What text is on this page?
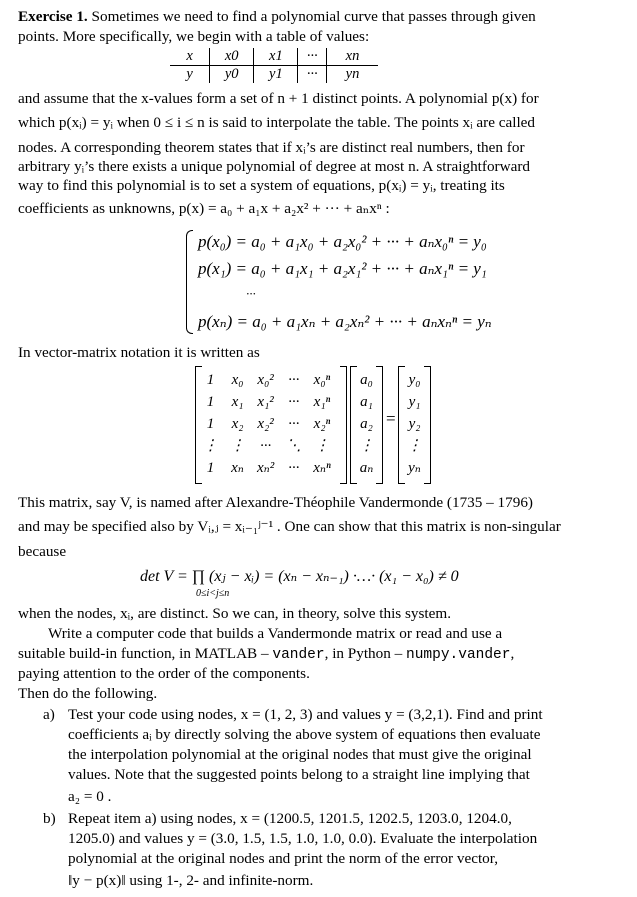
Exercise 1. Sometimes we need to find a polynomial curve that passes through given
points. More specifically, we begin with a table of values:
x	x0	x1	···	xn
y	y0	y1	···	yn
and assume that the x-values form a set of n + 1 distinct points. A polynomial p(x) for
which p(xᵢ) = yᵢ when 0 ≤ i ≤ n is said to interpolate the table. The points xᵢ are called
nodes. A corresponding theorem states that if xᵢ’s are distinct real numbers, then for
arbitrary yᵢ’s there exists a unique polynomial of degree at most n. A straightforward
way to find this polynomial is to set a system of equations, p(xᵢ) = yᵢ, treating its
coefficients as unknowns, p(x) = a₀ + a₁x + a₂x² + ··· + aₙxⁿ :
p(x₀) = a₀ + a₁x₀ + a₂x₀² + ··· + aₙx₀ⁿ = y₀
p(x₁) = a₀ + a₁x₁ + a₂x₁² + ··· + aₙx₁ⁿ = y₁
···
p(xₙ) = a₀ + a₁xₙ + a₂xₙ² + ··· + aₙxₙⁿ = yₙ
In vector-matrix notation it is written as
1	x₀	x₀²	···	x₀ⁿ
1	x₁	x₁²	···	x₁ⁿ
1	x₂	x₂²	···	x₂ⁿ
⋮	⋮	···	⋱	⋮
1	xₙ	xₙ²	···	xₙⁿ
a₀
a₁
a₂
⋮
aₙ
=
y₀
y₁
y₂
⋮
yₙ
This matrix, say V, is named after Alexandre-Théophile Vandermonde (1735 – 1796)
and may be specified also by Vᵢ,ⱼ = xᵢ₋₁ʲ⁻¹ . One can show that this matrix is non-singular
because
det V = ∏ (xⱼ − xᵢ) = (xₙ − xₙ₋₁) ·…· (x₁ − x₀) ≠ 0
0≤i<j≤n
when the nodes, xᵢ, are distinct. So we can, in theory, solve this system.
Write a computer code that builds a Vandermonde matrix or read and use a
suitable build-in function, in MATLAB – vander, in Python – numpy.vander,
paying attention to the order of the components.
Then do the following.
a) Test your code using nodes, x = (1, 2, 3) and values y = (3,2,1). Find and print
coefficients aᵢ by directly solving the above system of equations then evaluate
the interpolation polynomial at the original nodes that must give the original
values. Note that the suggested points belong to a straight line implying that
a₂ = 0 .
b) Repeat item a) using nodes, x = (1200.5, 1201.5, 1202.5, 1203.0, 1204.0,
1205.0) and values y = (3.0, 1.5, 1.5, 1.0, 1.0, 0.0). Evaluate the interpolation
polynomial at the original nodes and print the norm of the error vector,
‖y − p(x)‖ using 1-, 2- and infinite-norm.
